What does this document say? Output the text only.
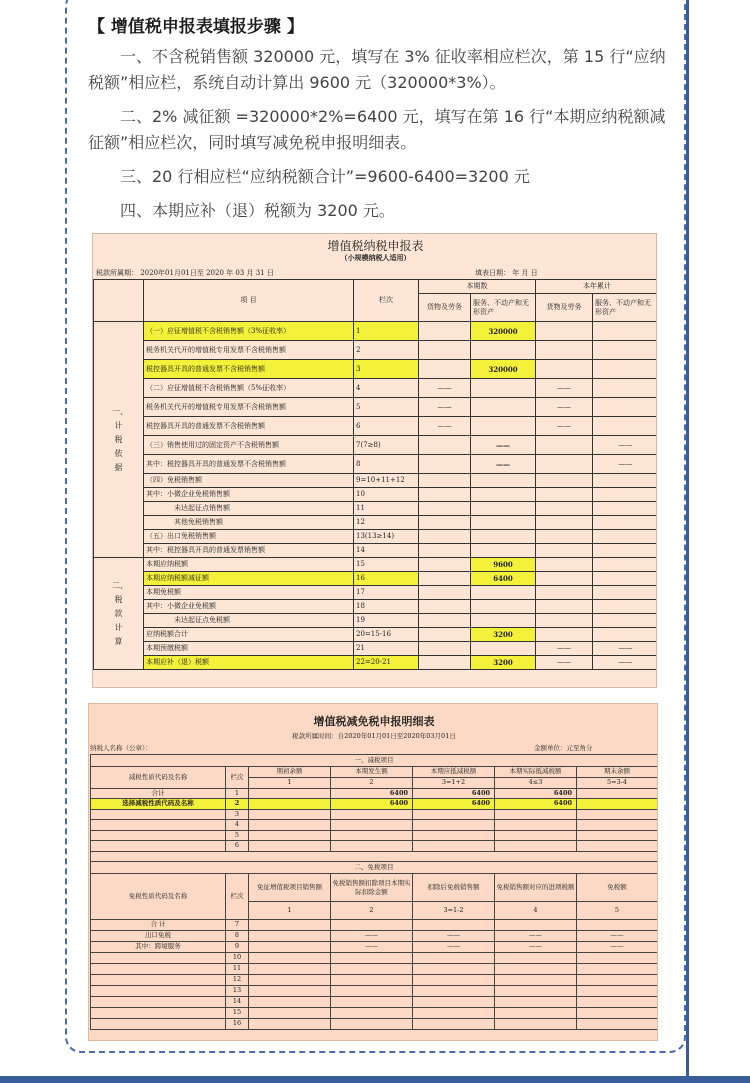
【 增值税申报表填报步骤 】

一、不含税销售额 320000 元，填写在 3% 征收率相应栏次，第 15 行“应纳税额”相应栏，系统自动计算出 9600 元（320000*3%）。

二、2% 减征额 =320000*2%=6400 元，填写在第 16 行“本期应纳税额减征额”相应栏次，同时填写减免税申报明细表。

三、20 行相应栏“应纳税额合计”=9600-6400=3200 元

四、本期应补（退）税额为 3200 元。

增值税纳税申报表
（小规模纳税人适用）
税款所属期： 2020年01月01日至 2020 年 03 月 31 日	填表日期： 年 月 日
	项 目	栏次	本期数		本年累计	
			货物及劳务	服务、不动产和无形资产	货物及劳务	服务、不动产和无形资产
一、计税依据	（一）应征增值税不含税销售额（3%征收率）	1		320000		
	税务机关代开的增值税专用发票不含税销售额	2				
	税控器具开具的普通发票不含税销售额	3		320000		
	（二）应征增值税不含税销售额（5%征收率）	4	——		——	
	税务机关代开的增值税专用发票不含税销售额	5	——		——	
	税控器具开具的普通发票不含税销售额	6	——		——	
	（三）销售使用过的固定资产不含税销售额	7(7≥8)		——		——
	其中：税控器具开具的普通发票不含税销售额	8		——		——
	（四）免税销售额	9=10+11+12				
	其中：小微企业免税销售额	10				
	未达起征点销售额	11				
	其他免税销售额	12				
	（五）出口免税销售额	13(13≥14)				
	其中：税控器具开具的普通发票销售额	14				
二、税款计算	本期应纳税额	15		9600		
	本期应纳税额减征额	16		6400		
	本期免税额	17				
	其中：小微企业免税额	18				
	未达起征点免税额	19				
	应纳税额合计	20=15-16		3200		
	本期预缴税额	21			——	——
	本期应补（退）税额	22=20-21		3200	——	——
增值税减免税申报明细表
税款所属时间：自2020年01月01日至2020年03月01日
纳税人名称（公章）：	金额单位：元至角分
一、减税项目						
减税性质代码及名称	栏次	期初余额	本期发生额	本期应抵减税额	本期实际抵减税额	期末余额
		1	2	3=1+2	4≤3	5=3-4
合计	1		6400	6400	6400	
选择减税性质代码及名称	2		6400	6400	6400	
	3					
	4					
	5					
	6					

二、免税项目						
免税性质代码及名称	栏次	免征增值税项目销售额	免税销售额扣除项目本期实际扣除金额	扣除后免税销售额	免税销售额对应的进项税额	免税额
		1	2	3=1-2	4	5
合 计	7					
出口免税	8		——	——	——	——
其中：跨境服务	9		——	——	——	——
	10					
	11					
	12					
	13					
	14					
	15					
	16					
